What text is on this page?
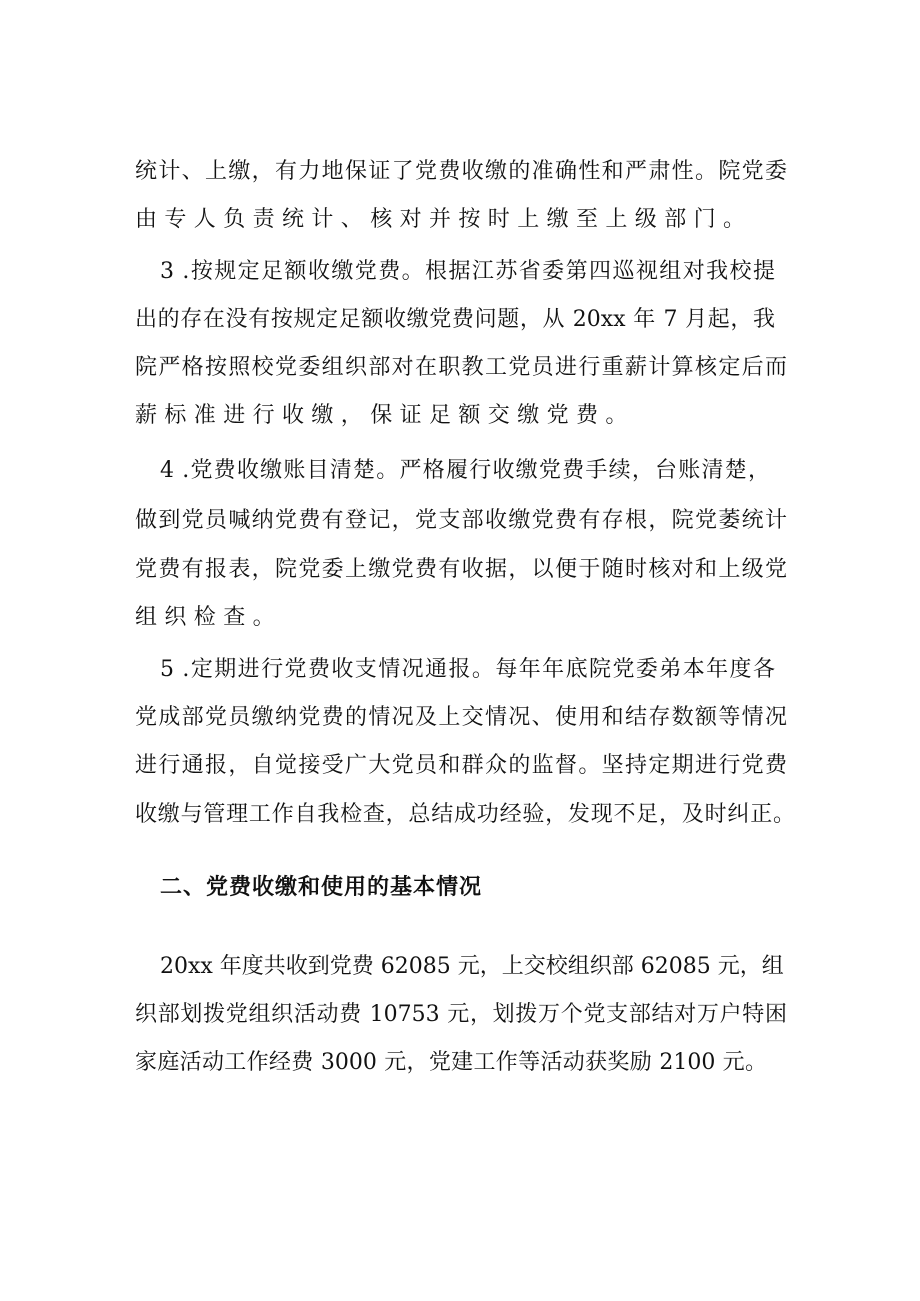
统计、上缴，有力地保证了党费收缴的准确性和严肃性。院党委
由专人负责统计、核对并按时上缴至上级部门。
3 .按规定足额收缴党费。根据江苏省委第四巡视组对我校提
出的存在没有按规定足额收缴党费问题，从 20xx 年 7 月起，我
院严格按照校党委组织部对在职教工党员进行重薪计算核定后而
薪标准进行收缴，保证足额交缴党费。
4 .党费收缴账目清楚。严格履行收缴党费手续，台账清楚，
做到党员喊纳党费有登记，党支部收缴党费有存根，院党萎统计
党费有报表，院党委上缴党费有收据，以便于随时核对和上级党
组织检查。
5 .定期进行党费收支情况通报。每年年底院党委弟本年度各
党成部党员缴纳党费的情况及上交情况、使用和结存数额等情况
进行通报，自觉接受广大党员和群众的监督。坚持定期进行党费
收缴与管理工作自我检查，总结成功经验，发现不足，及时纠正。
二、党费收缴和使用的基本情况
20xx 年度共收到党费 62085 元，上交校组织部 62085 元，组
织部划拨党组织活动费 10753 元，划拨万个党支部结对万户特困
家庭活动工作经费 3000 元，党建工作等活动获奖励 2100 元。
